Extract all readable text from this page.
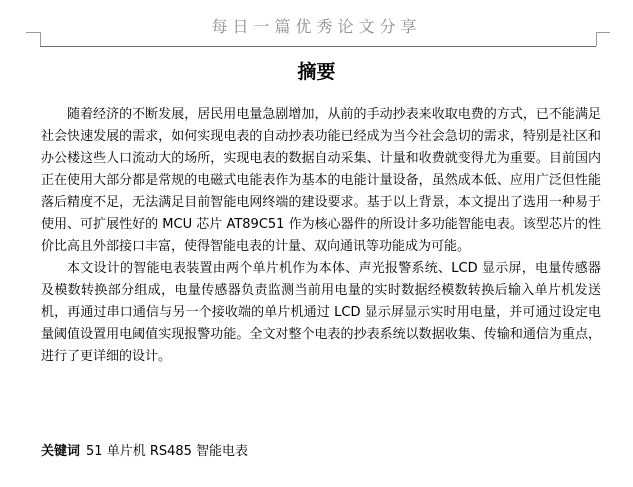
每日一篇优秀论文分享
摘要

随着经济的不断发展，居民用电量急剧增加，从前的手动抄表来收取电费的方式，已不能满足社会快速发展的需求，如何实现电表的自动抄表功能已经成为当今社会急切的需求，特别是社区和办公楼这些人口流动大的场所，实现电表的数据自动采集、计量和收费就变得尤为重要。目前国内正在使用大部分都是常规的电磁式电能表作为基本的电能计量设备，虽然成本低、应用广泛但性能落后精度不足，无法满足目前智能电网终端的建设要求。基于以上背景，本文提出了选用一种易于使用、可扩展性好的 MCU 芯片 AT89C51 作为核心器件的所设计多功能智能电表。该型芯片的性价比高且外部接口丰富，使得智能电表的计量、双向通讯等功能成为可能。

本文设计的智能电表装置由两个单片机作为本体、声光报警系统、LCD 显示屏，电量传感器及模数转换部分组成，电量传感器负责监测当前用电量的实时数据经模数转换后输入单片机发送机，再通过串口通信与另一个接收端的单片机通过 LCD 显示屏显示实时用电量，并可通过设定电量阈值设置用电阈值实现报警功能。全文对整个电表的抄表系统以数据收集、传输和通信为重点，进行了更详细的设计。

关键词 51 单片机 RS485 智能电表
